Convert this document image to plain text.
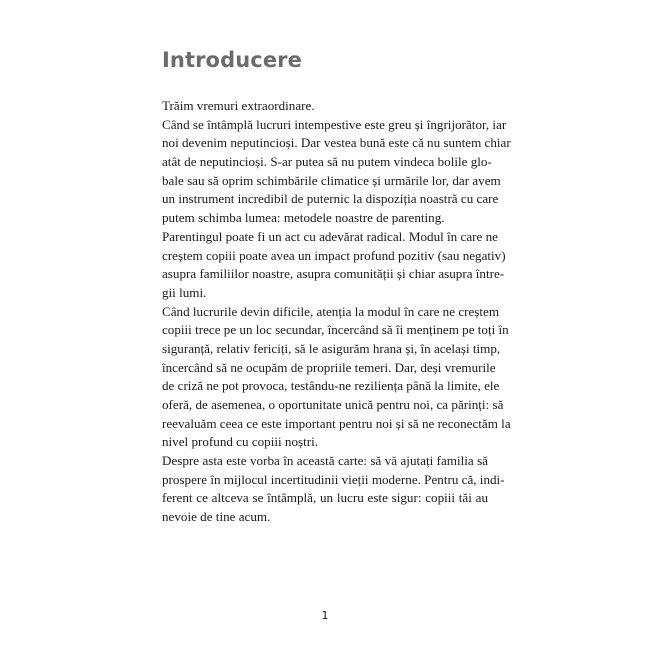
Introducere
Trăim vremuri extraordinare.
Când se întâmplă lucruri intempestive este greu și îngrijorător, iar
noi devenim neputincioși. Dar vestea bună este că nu suntem chiar
atât de neputincioși. S-ar putea să nu putem vindeca bolile glo-
bale sau să oprim schimbările climatice și urmările lor, dar avem
un instrument incredibil de puternic la dispoziția noastră cu care
putem schimba lumea: metodele noastre de parenting.
Parentingul poate fi un act cu adevărat radical. Modul în care ne
creștem copiii poate avea un impact profund pozitiv (sau negativ)
asupra familiilor noastre, asupra comunității și chiar asupra între-
gii lumi.
Când lucrurile devin dificile, atenția la modul în care ne creștem
copiii trece pe un loc secundar, încercând să îi menținem pe toți în
siguranță, relativ fericiți, să le asigurăm hrana și, în același timp,
încercând să ne ocupăm de propriile temeri. Dar, deși vremurile
de criză ne pot provoca, testându-ne reziliența până la limite, ele
oferă, de asemenea, o oportunitate unică pentru noi, ca părinți: să
reevaluăm ceea ce este important pentru noi și să ne reconectăm la
nivel profund cu copiii noștri.
Despre asta este vorba în această carte: să vă ajutați familia să
prospere în mijlocul incertitudinii vieții moderne. Pentru că, indi-
ferent ce altceva se întâmplă, un lucru este sigur: copiii tăi au
nevoie de tine acum.
1
